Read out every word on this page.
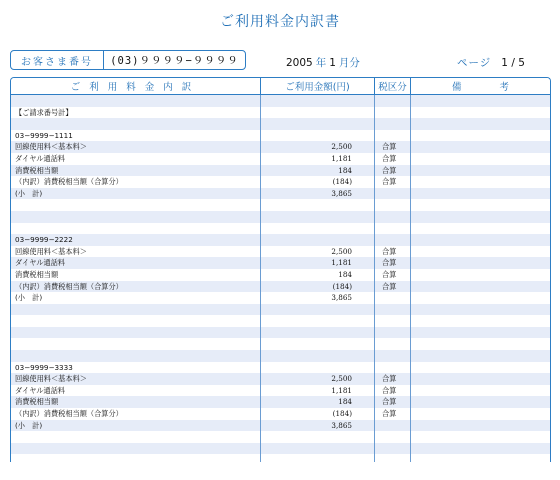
ご利用料金内訳書
お客さま番号	(03)９９９９−９９９９	2005 年 1 月分	ページ 1 / 5
ご利用料金内訳	ご利用金額(円)	税区分	備考
【ご請求番号計】
03−9999−1111
回線使用料＜基本料＞	2,500	合算
ダイヤル通話料	1,181	合算
消費税相当額	184	合算
（内訳）消費税相当額（合算分）	(184)	合算
(小　計)	3,865
03−9999−2222
回線使用料＜基本料＞	2,500	合算
ダイヤル通話料	1,181	合算
消費税相当額	184	合算
（内訳）消費税相当額（合算分）	(184)	合算
(小　計)	3,865
03−9999−3333
回線使用料＜基本料＞	2,500	合算
ダイヤル通話料	1,181	合算
消費税相当額	184	合算
（内訳）消費税相当額（合算分）	(184)	合算
(小　計)	3,865
